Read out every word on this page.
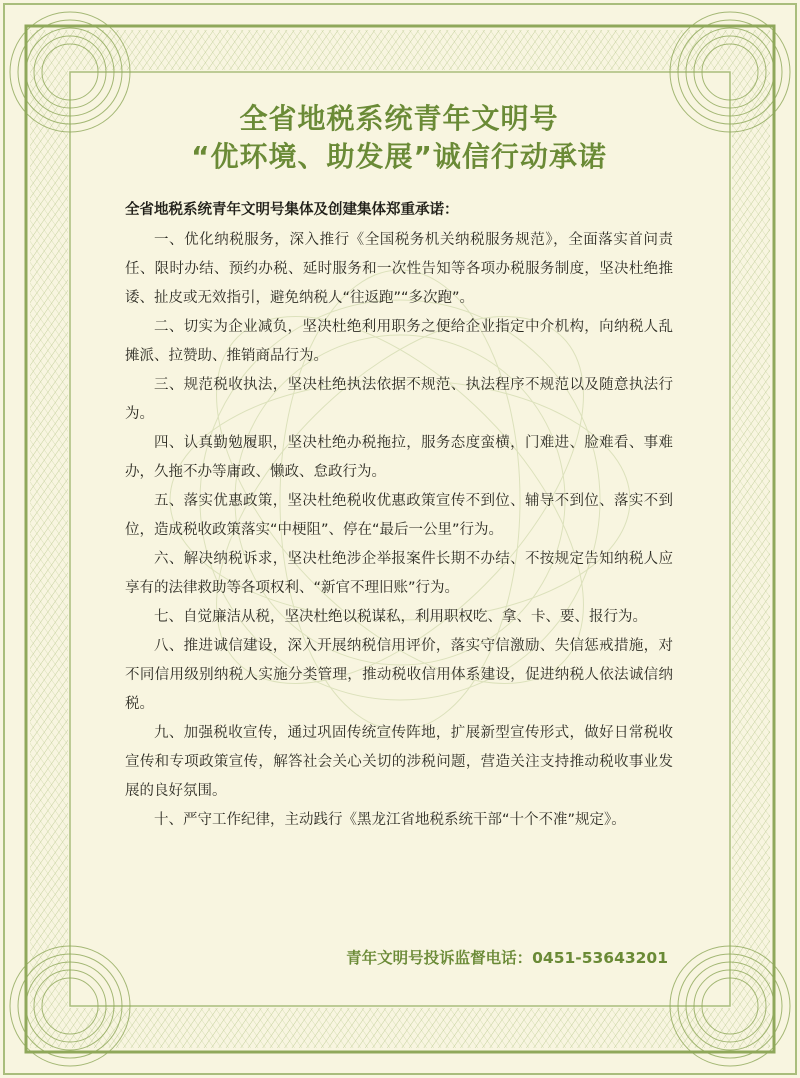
全省地税系统青年文明号
“优环境、助发展”诚信行动承诺

全省地税系统青年文明号集体及创建集体郑重承诺：

一、优化纳税服务，深入推行《全国税务机关纳税服务规范》，全面落实首问责任、限时办结、预约办税、延时服务和一次性告知等各项办税服务制度，坚决杜绝推诿、扯皮或无效指引，避免纳税人“往返跑”“多次跑”。

二、切实为企业减负，坚决杜绝利用职务之便给企业指定中介机构，向纳税人乱摊派、拉赞助、推销商品行为。

三、规范税收执法，坚决杜绝执法依据不规范、执法程序不规范以及随意执法行为。

四、认真勤勉履职，坚决杜绝办税拖拉，服务态度蛮横，门难进、脸难看、事难办，久拖不办等庸政、懒政、怠政行为。

五、落实优惠政策，坚决杜绝税收优惠政策宣传不到位、辅导不到位、落实不到位，造成税收政策落实“中梗阻”、停在“最后一公里”行为。

六、解决纳税诉求，坚决杜绝涉企举报案件长期不办结、不按规定告知纳税人应享有的法律救助等各项权利、“新官不理旧账”行为。

七、自觉廉洁从税，坚决杜绝以税谋私，利用职权吃、拿、卡、要、报行为。

八、推进诚信建设，深入开展纳税信用评价，落实守信激励、失信惩戒措施，对不同信用级别纳税人实施分类管理，推动税收信用体系建设，促进纳税人依法诚信纳税。

九、加强税收宣传，通过巩固传统宣传阵地，扩展新型宣传形式，做好日常税收宣传和专项政策宣传，解答社会关心关切的涉税问题，营造关注支持推动税收事业发展的良好氛围。

十、严守工作纪律，主动践行《黑龙江省地税系统干部“十个不准”规定》。

青年文明号投诉监督电话：0451-53643201
